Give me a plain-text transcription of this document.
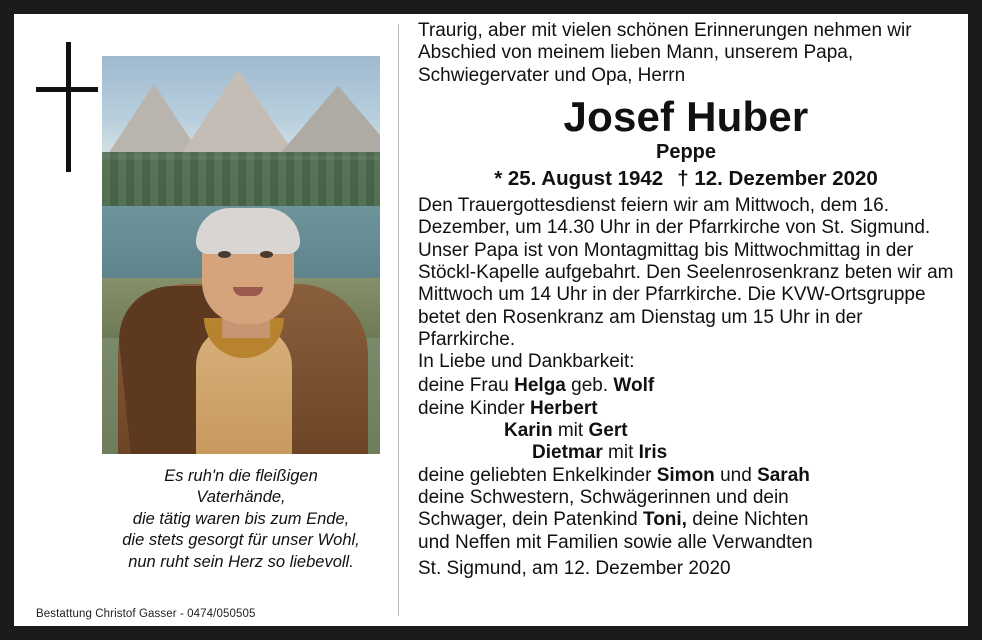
Es ruh'n die fleißigen
Vaterhände,
die tätig waren bis zum Ende,
die stets gesorgt für unser Wohl,
nun ruht sein Herz so liebevoll.
Bestattung Christof Gasser - 0474/050505

Traurig, aber mit vielen schönen Erinnerungen nehmen wir Abschied von meinem lieben Mann, unserem Papa, Schwiegervater und Opa, Herrn

Josef Huber
Peppe
* 25. August 1942 † 12. Dezember 2020

Den Trauergottesdienst feiern wir am Mittwoch, dem 16. Dezember, um 14.30 Uhr in der Pfarrkirche von St. Sigmund.

Unser Papa ist von Montagmittag bis Mittwochmittag in der Stöckl-Kapelle aufgebahrt. Den Seelenrosenkranz beten wir am Mittwoch um 14 Uhr in der Pfarrkirche. Die KVW-Ortsgruppe betet den Rosenkranz am Dienstag um 15 Uhr in der Pfarrkirche.

In Liebe und Dankbarkeit:

deine Frau Helga geb. Wolf
deine Kinder Herbert
Karin mit Gert
Dietmar mit Iris
deine geliebten Enkelkinder Simon und Sarah
deine Schwestern, Schwägerinnen und dein
Schwager, dein Patenkind Toni, deine Nichten
und Neffen mit Familien sowie alle Verwandten

St. Sigmund, am 12. Dezember 2020
